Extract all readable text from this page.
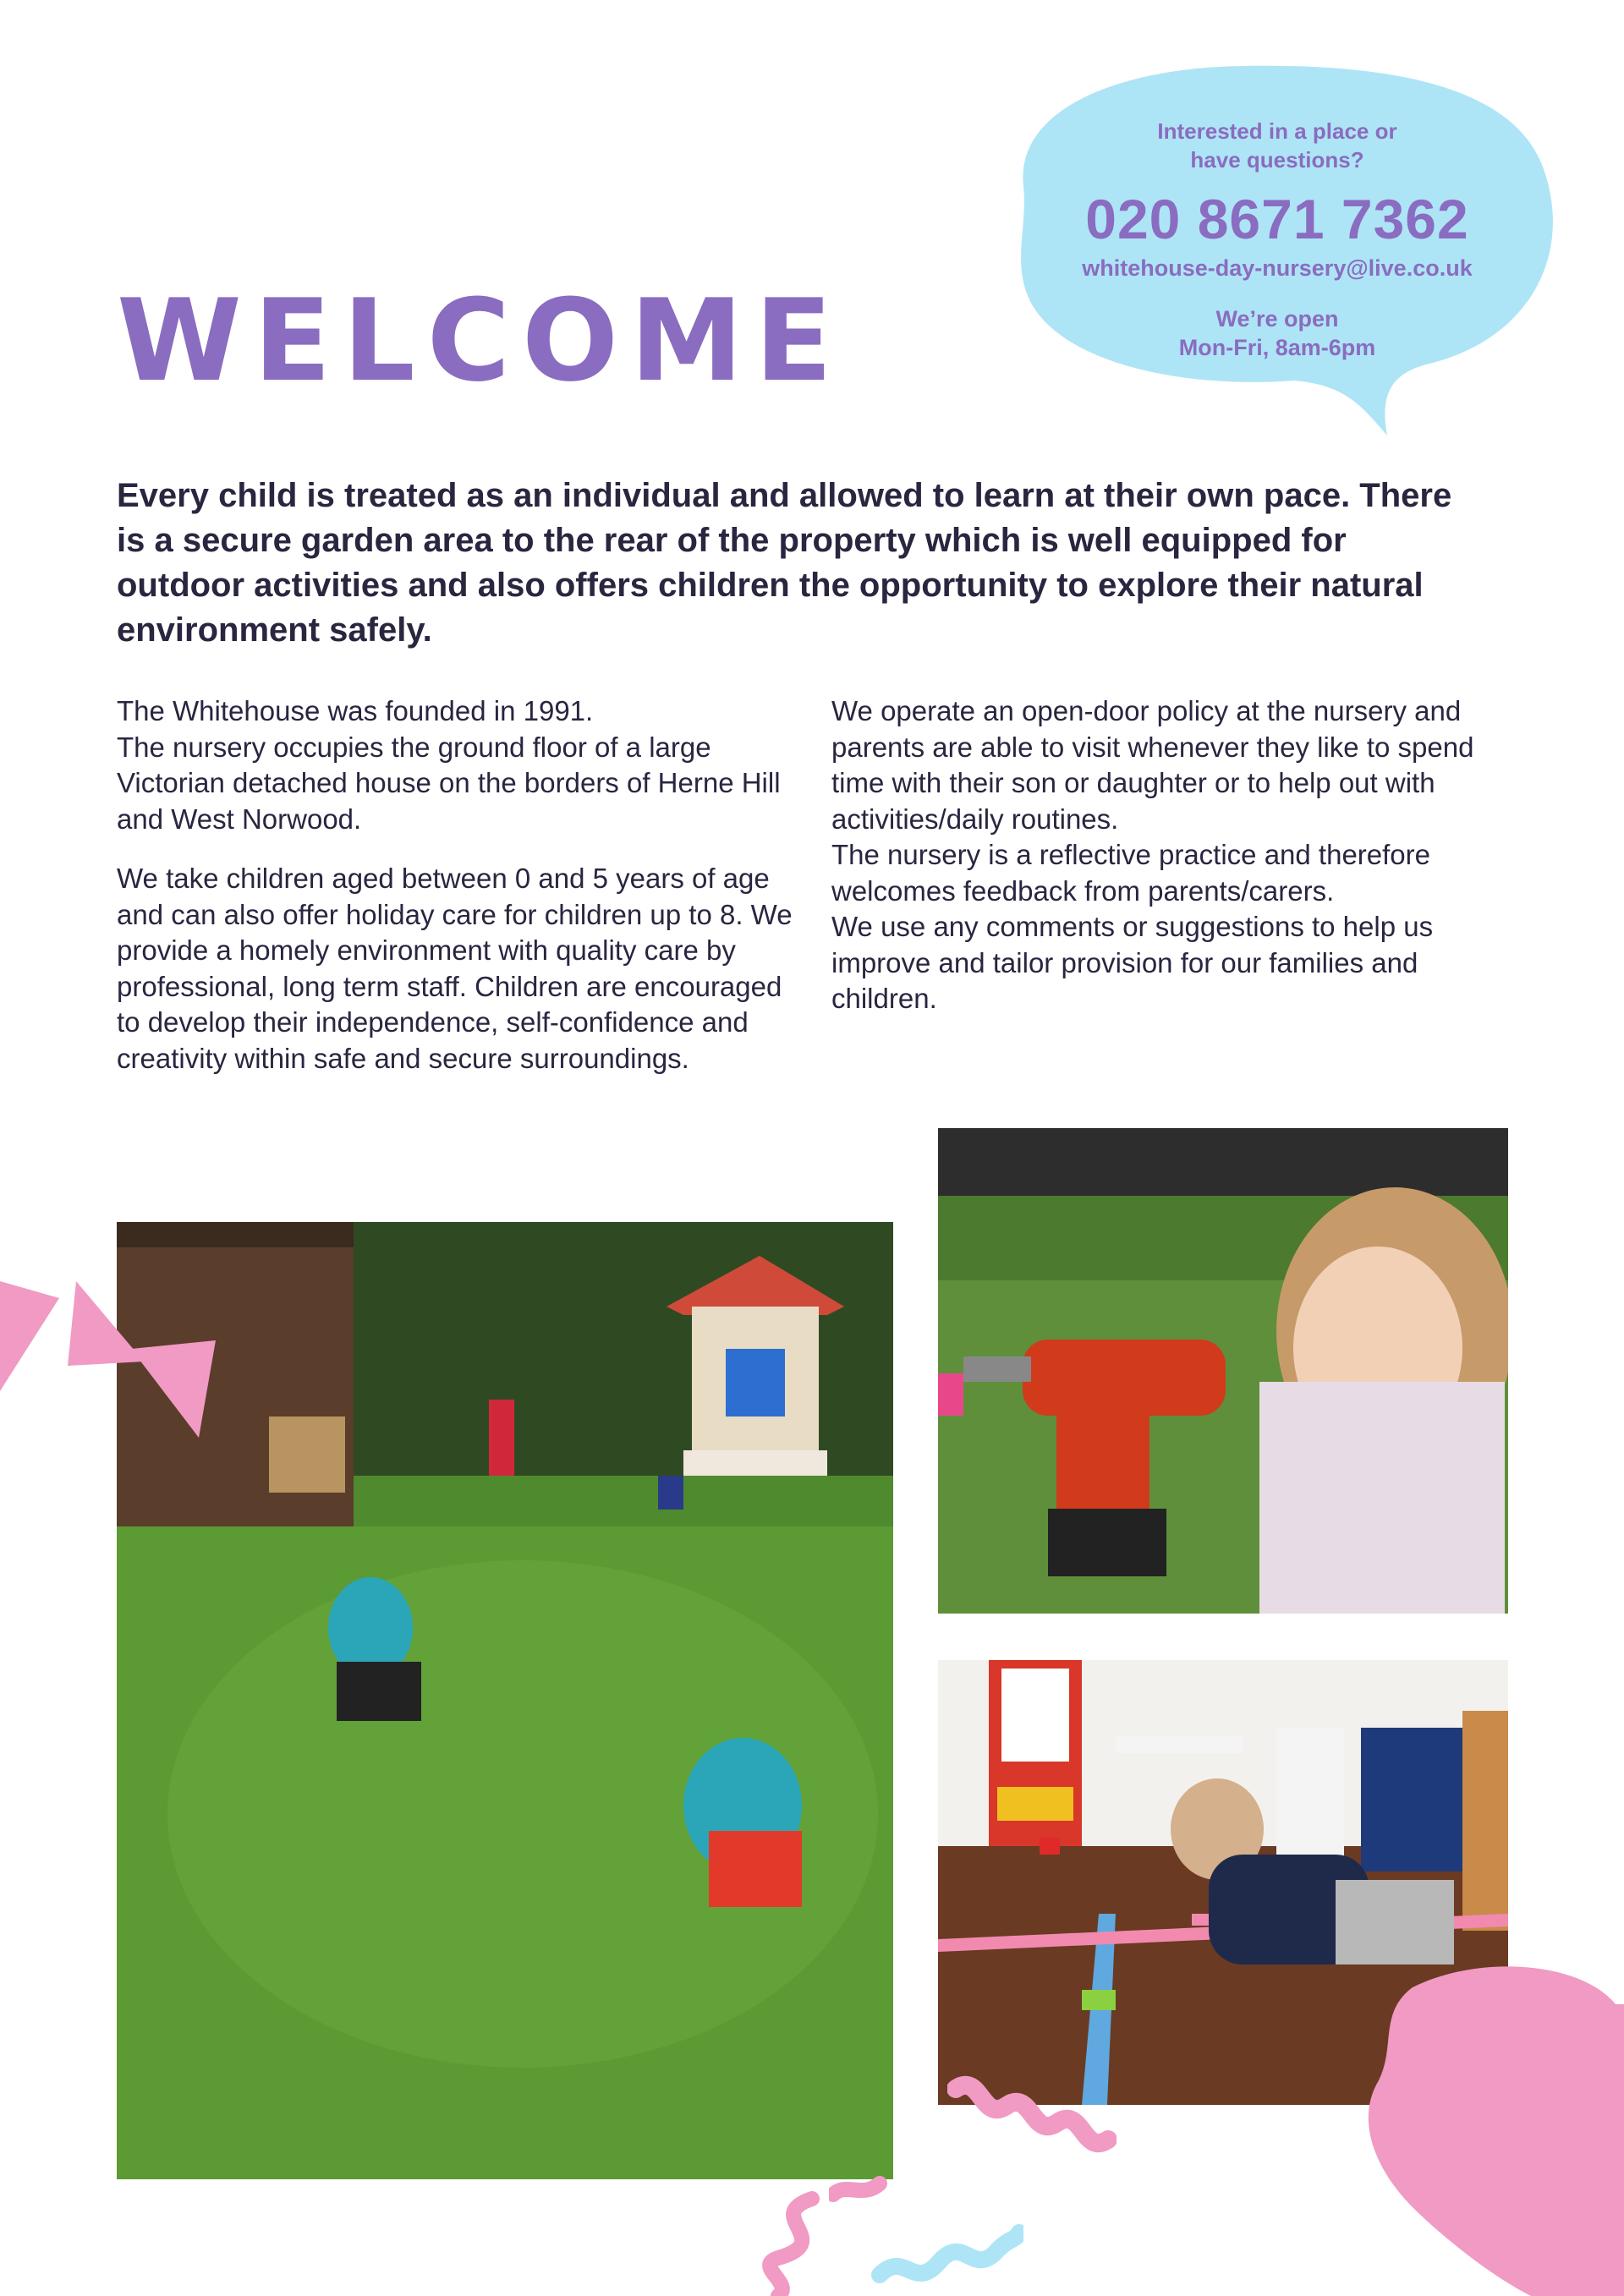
Interested in a place or
have questions?
020 8671 7362
whitehouse-day-nursery@live.co.uk
We’re open
Mon-Fri, 8am-6pm
WELCOME

Every child is treated as an individual and allowed to learn at their own pace. There is a secure garden area to the rear of the property which is well equipped for outdoor activities and also offers children the opportunity to explore their natural environment safely.

The Whitehouse was founded in 1991.
The nursery occupies the ground floor of a large Victorian detached house on the borders of Herne Hill and West Norwood.

We take children aged between 0 and 5 years of age and can also offer holiday care for children up to 8. We provide a homely environment with quality care by professional, long term staff. Children are encouraged to develop their independence, self-confidence and creativity within safe and secure surroundings.

We operate an open-door policy at the nursery and parents are able to visit whenever they like to spend time with their son or daughter or to help out with activities/daily routines.
The nursery is a reflective practice and therefore welcomes feedback from parents/carers.
We use any comments or suggestions to help us improve and tailor provision for our families and children.
